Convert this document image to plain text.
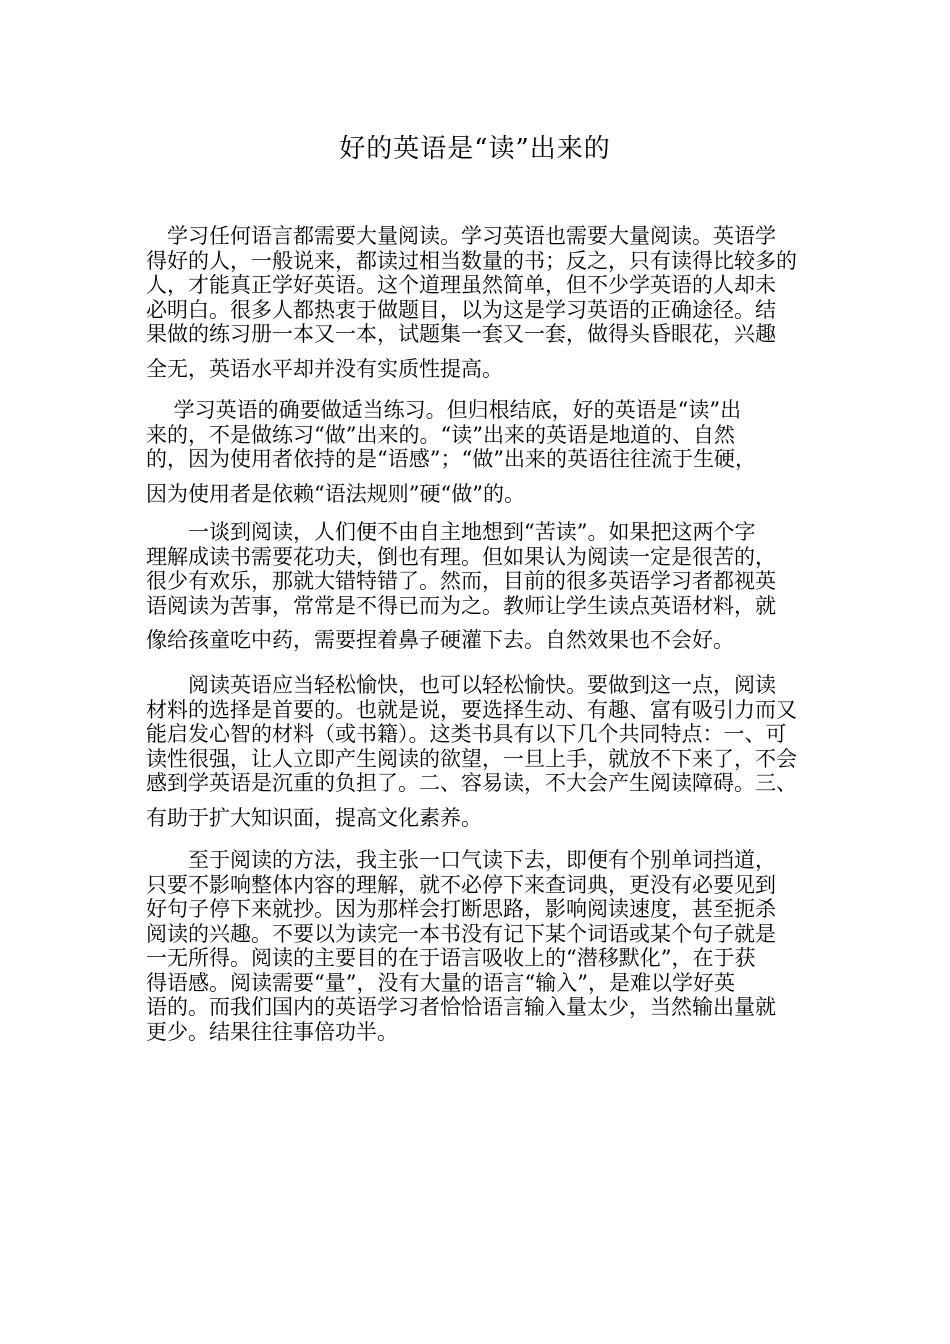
好的英语是“读”出来的

　学习任何语言都需要大量阅读。学习英语也需要大量阅读。英语学
得好的人，一般说来，都读过相当数量的书；反之，只有读得比较多的
人，才能真正学好英语。这个道理虽然简单，但不少学英语的人却未
必明白。很多人都热衷于做题目，以为这是学习英语的正确途径。结
果做的练习册一本又一本，试题集一套又一套，做得头昏眼花，兴趣
全无，英语水平却并没有实质性提高。

　 学习英语的确要做适当练习。但归根结底，好的英语是“读”出
来的，不是做练习“做”出来的。“读”出来的英语是地道的、自然
的，因为使用者依持的是“语感”；“做”出来的英语往往流于生硬，
因为使用者是依赖“语法规则”硬“做”的。

　　一谈到阅读，人们便不由自主地想到“苦读”。如果把这两个字
理解成读书需要花功夫，倒也有理。但如果认为阅读一定是很苦的，
很少有欢乐，那就大错特错了。然而，目前的很多英语学习者都视英
语阅读为苦事，常常是不得已而为之。教师让学生读点英语材料，就
像给孩童吃中药，需要捏着鼻子硬灌下去。自然效果也不会好。

　　阅读英语应当轻松愉快，也可以轻松愉快。要做到这一点，阅读
材料的选择是首要的。也就是说，要选择生动、有趣、富有吸引力而又
能启发心智的材料（或书籍）。这类书具有以下几个共同特点：一、可
读性很强，让人立即产生阅读的欲望，一旦上手，就放不下来了，不会
感到学英语是沉重的负担了。二、容易读，不大会产生阅读障碍。三、
有助于扩大知识面，提高文化素养。

　　至于阅读的方法，我主张一口气读下去，即便有个别单词挡道，
只要不影响整体内容的理解，就不必停下来查词典，更没有必要见到
好句子停下来就抄。因为那样会打断思路，影响阅读速度，甚至扼杀
阅读的兴趣。不要以为读完一本书没有记下某个词语或某个句子就是
一无所得。阅读的主要目的在于语言吸收上的“潜移默化”，在于获
得语感。阅读需要“量”，没有大量的语言“输入”，是难以学好英
语的。而我们国内的英语学习者恰恰语言输入量太少，当然输出量就
更少。结果往往事倍功半。
